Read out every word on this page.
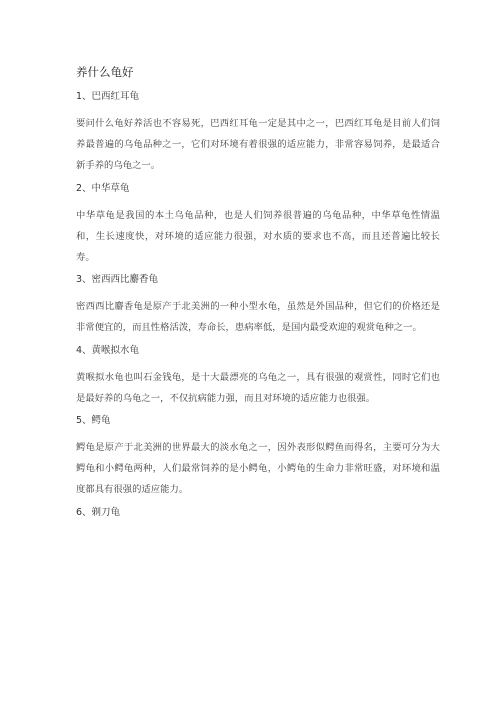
养什么龟好
1、巴西红耳龟
要问什么龟好养活也不容易死，巴西红耳龟一定是其中之一，巴西红耳龟是目前人们饲养最普遍的乌龟品种之一，它们对环境有着很强的适应能力，非常容易饲养，是最适合新手养的乌龟之一。
2、中华草龟
中华草龟是我国的本土乌龟品种，也是人们饲养很普遍的乌龟品种，中华草龟性情温和，生长速度快，对环境的适应能力很强，对水质的要求也不高，而且还普遍比较长寿。
3、密西西比麝香龟
密西西比麝香龟是原产于北美洲的一种小型水龟，虽然是外国品种，但它们的价格还是非常便宜的，而且性格活泼，寿命长，患病率低，是国内最受欢迎的观赏龟种之一。
4、黄喉拟水龟
黄喉拟水龟也叫石金钱龟，是十大最漂亮的乌龟之一，具有很强的观赏性，同时它们也是最好养的乌龟之一，不仅抗病能力强，而且对环境的适应能力也很强。
5、鳄龟
鳄龟是原产于北美洲的世界最大的淡水龟之一，因外表形似鳄鱼而得名，主要可分为大鳄龟和小鳄龟两种，人们最常饲养的是小鳄龟，小鳄龟的生命力非常旺盛，对环境和温度都具有很强的适应能力。
6、剃刀龟
